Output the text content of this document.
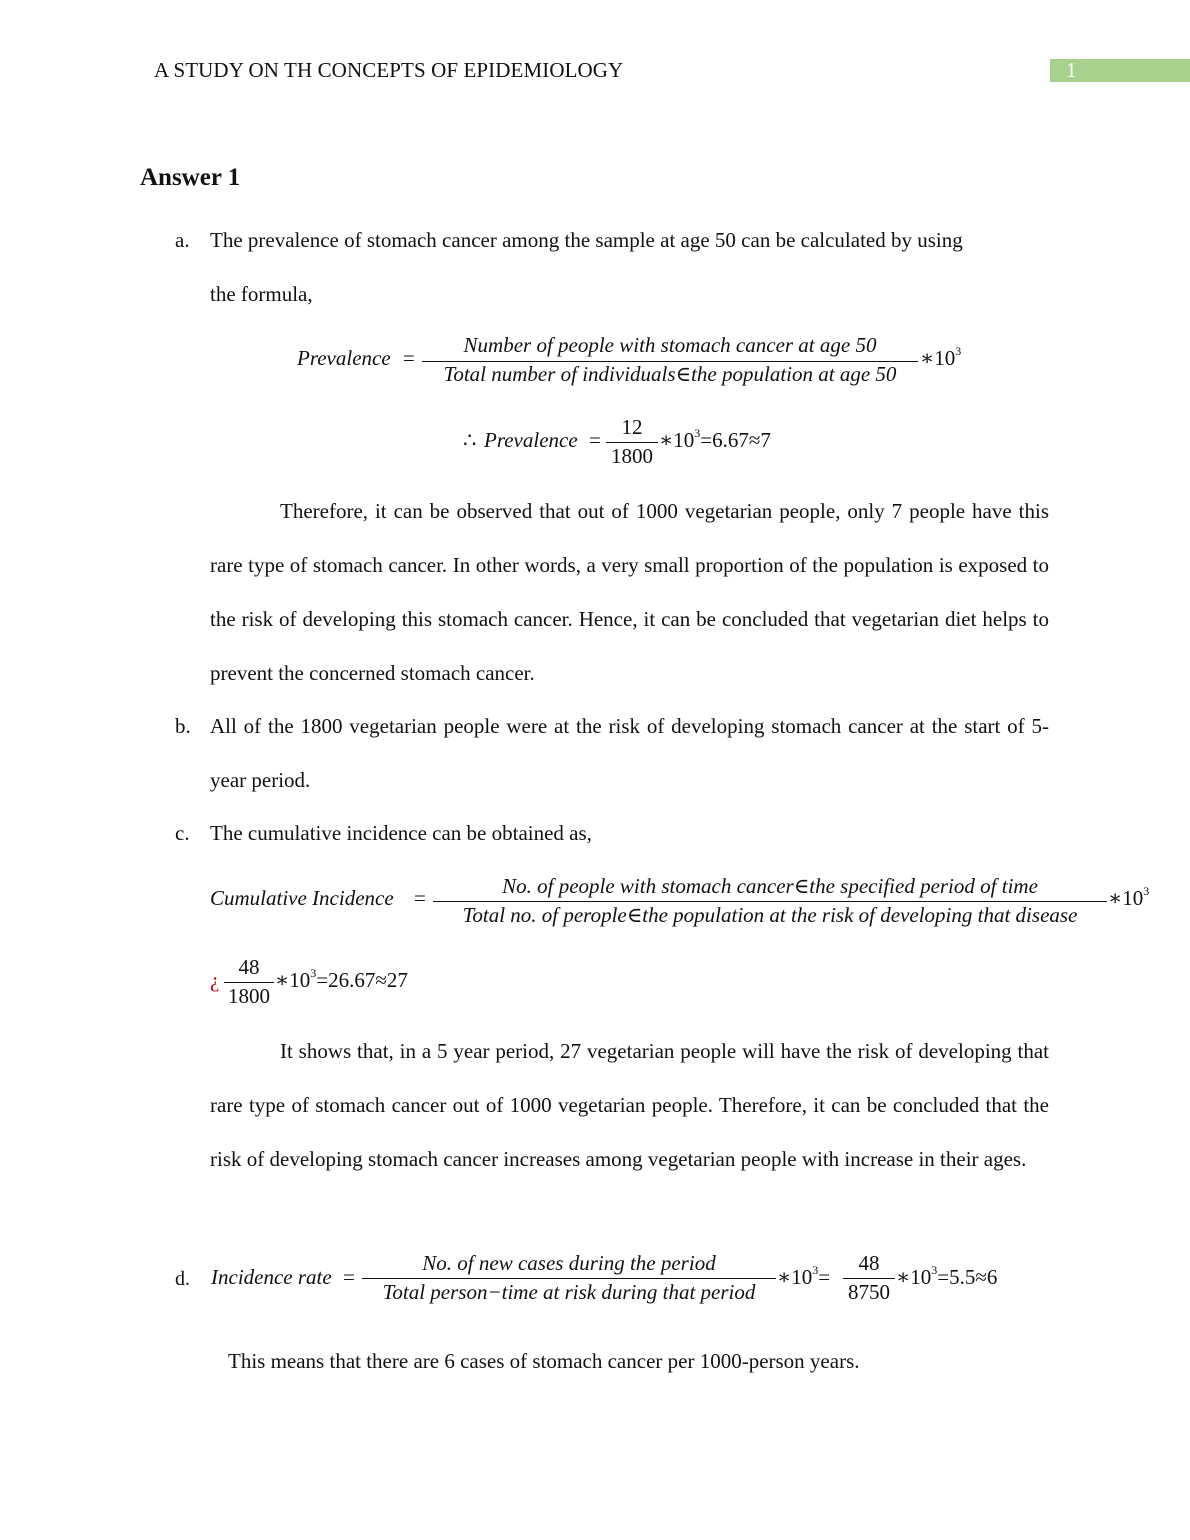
A STUDY ON TH CONCEPTS OF EPIDEMIOLOGY	1
Answer 1
a. The prevalence of stomach cancer among the sample at age 50 can be calculated by using
the formula,
Prevalence =
Number of people with stomach cancer at age 50
Total number of individuals∈the population at age 50
$∗10^3$
∴ Prevalence =
12
1800
$∗10^3=6.67\approx 7$
Therefore, it can be observed that out of 1000 vegetarian people, only 7 people have this rare type of stomach cancer. In other words, a very small proportion of the population is exposed to the risk of developing this stomach cancer. Hence, it can be concluded that vegetarian diet helps to prevent the concerned stomach cancer.
b. All of the 1800 vegetarian people were at the risk of developing stomach cancer at the start of 5-year period.
c. The cumulative incidence can be obtained as,
Cumulative Incidence =	No. of people with stomach cancer∈the specified period of time
Total no. of perople∈the population at the risk of developing that disease
$∗10^3$
¿
48
1800
$∗10^3=26.67\approx 27$
It shows that, in a 5 year period, 27 vegetarian people will have the risk of developing that rare type of stomach cancer out of 1000 vegetarian people. Therefore, it can be concluded that the risk of developing stomach cancer increases among vegetarian people with increase in their ages.
d. Incidence rate =
No. of new cases during the period
Total person−time at risk during that period
$∗10^3=$
48
8750
$∗10^3=5.5\approx 6$
This means that there are 6 cases of stomach cancer per 1000-person years.
